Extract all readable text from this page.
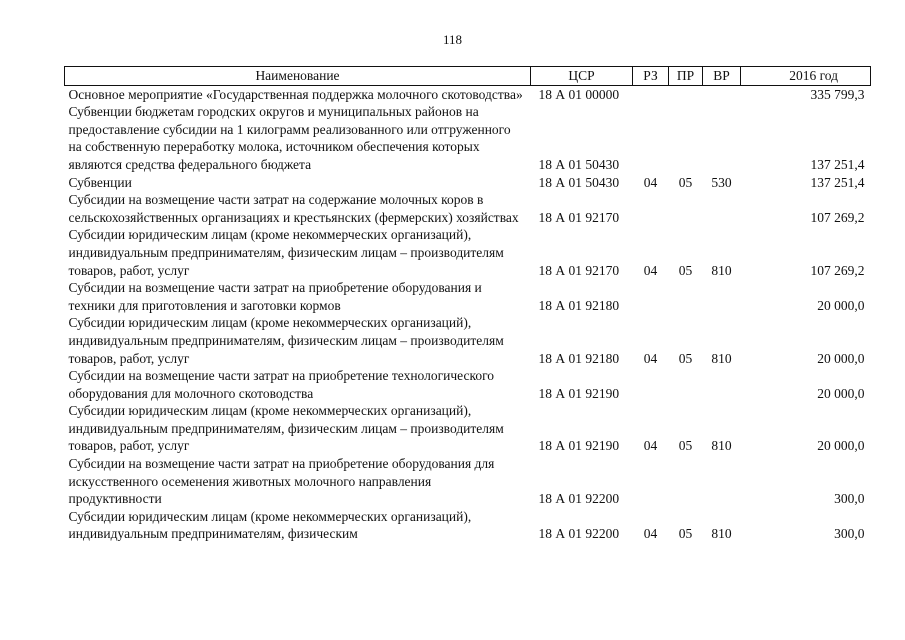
118
Наименование	ЦСР	РЗ	ПР	ВР	2016 год
Основное мероприятие «Государственная поддержка молочного скотоводства»	18 А 01 00000				335 799,3
Субвенции бюджетам городских округов и муниципальных районов на предоставление субсидии на 1 килограмм реализованного или отгруженного на собственную переработку молока, источником обеспечения которых являются средства федерального бюджета	18 А 01 50430				137 251,4
Субвенции	18 А 01 50430	04	05	530	137 251,4
Субсидии на возмещение части затрат на содержание молочных коров в сельскохозяйственных организациях и крестьянских (фермерских) хозяйствах	18 А 01 92170				107 269,2
Субсидии юридическим лицам (кроме некоммерческих организаций), индивидуальным предпринимателям, физическим лицам – производителям товаров, работ, услуг	18 А 01 92170	04	05	810	107 269,2
Субсидии на возмещение части затрат на приобретение оборудования и техники для приготовления и заготовки кормов	18 А 01 92180				20 000,0
Субсидии юридическим лицам (кроме некоммерческих организаций), индивидуальным предпринимателям, физическим лицам – производителям товаров, работ, услуг	18 А 01 92180	04	05	810	20 000,0
Субсидии на возмещение части затрат на приобретение технологического оборудования для молочного скотоводства	18 А 01 92190				20 000,0
Субсидии юридическим лицам (кроме некоммерческих организаций), индивидуальным предпринимателям, физическим лицам – производителям товаров, работ, услуг	18 А 01 92190	04	05	810	20 000,0
Субсидии на возмещение части затрат на приобретение оборудования для искусственного осеменения животных молочного направления продуктивности	18 А 01 92200				300,0
Субсидии юридическим лицам (кроме некоммерческих организаций), индивидуальным предпринимателям, физическим	18 А 01 92200	04	05	810	300,0
